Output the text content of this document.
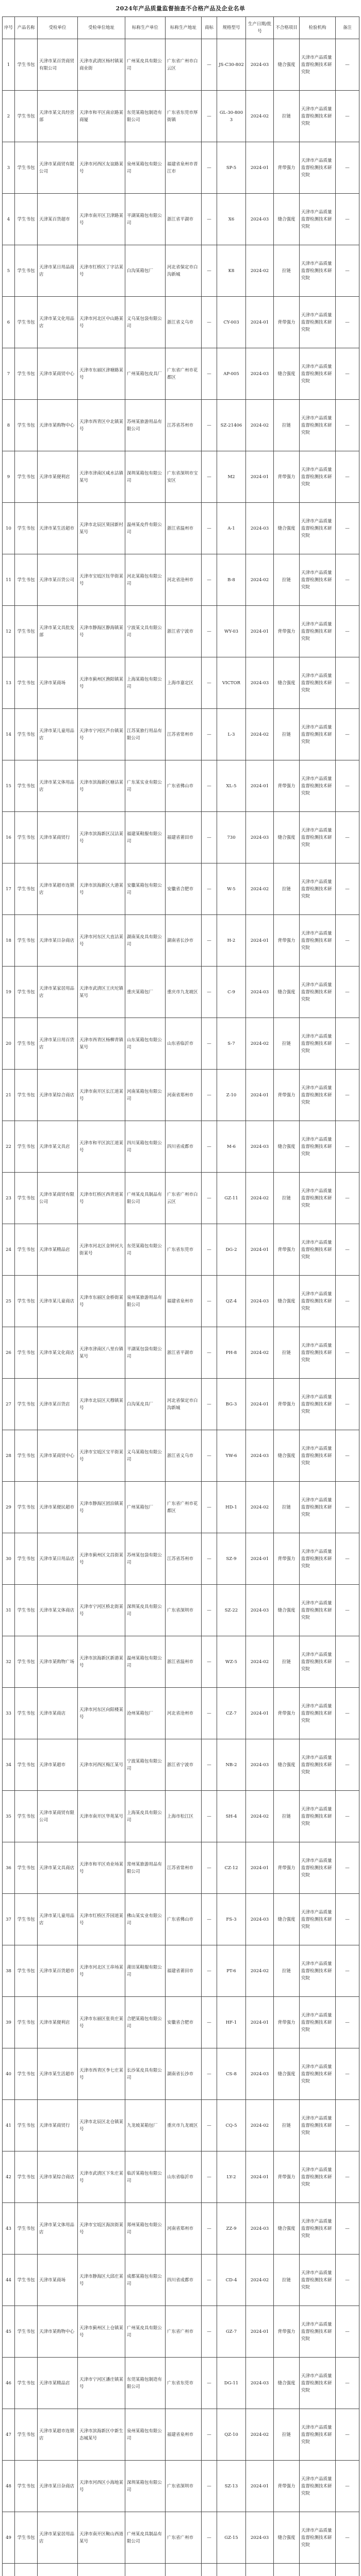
2024年产品质量监督抽查不合格产品及企业名单
序号	产品名称	受检单位	受检单位地址	标称生产单位	标称生产地址	商标	规格型号	生产日期/批号	不合格项目	检验机构	备注
1	学生书包	天津市某百货商贸有限公司	天津市武清区杨村镇某商业街	广州某皮具有限公司	广东省广州市白云区	—	JS-C30-802	2024-03	缝合强度	天津市产品质量监督检测技术研究院	—
2	学生书包	天津市某文具经营部	天津市和平区南京路某商厦	东莞某箱包制造有限公司	广东省东莞市厚街镇	—	GL-30-8003	2024-02	拉链	天津市产品质量监督检测技术研究院	—
3	学生书包	天津市某商贸有限公司	天津市河西区友谊路某号	泉州某箱包有限公司	福建省泉州市晋江市	—	SP-5	2024-01	背带强力	天津市产品质量监督检测技术研究院	—
4	学生书包	天津某百货超市	天津市南开区卫津路某号	平湖某箱包有限公司	浙江省平湖市	—	X6	2024-03	缝合强度	天津市产品质量监督检测技术研究院	—
5	学生书包	天津市某日用品商店	天津市红桥区丁字沽某号	白沟某箱包厂	河北省保定市白沟新城	—	K8	2024-02	拉链	天津市产品质量监督检测技术研究院	—
6	学生书包	天津市某文化用品店	天津市河北区中山路某号	义乌某包袋有限公司	浙江省义乌市	—	CY-003	2024-01	背带强力	天津市产品质量监督检测技术研究院	—
7	学生书包	天津市某商贸中心	天津市东丽区津塘路某号	广州某箱包皮具厂	广东省广州市花都区	—	AP-005	2024-03	缝合强度	天津市产品质量监督检测技术研究院	—
8	学生书包	天津市某购物中心	天津市西青区中北镇某号	苏州某旅游用品有限公司	江苏省苏州市	—	SZ-21406	2024-02	拉链	天津市产品质量监督检测技术研究院	—
9	学生书包	天津市某便利店	天津市津南区咸水沽镇某号	深圳某箱包有限公司	广东省深圳市宝安区	—	M2	2024-01	背带强力	天津市产品质量监督检测技术研究院	—
10	学生书包	天津市某生活超市	天津市北辰区果园新村某号	温州某皮件有限公司	浙江省温州市	—	A-1	2024-03	缝合强度	天津市产品质量监督检测技术研究院	—
11	学生书包	天津市某百货公司	天津市宝坻区钰华街某号	河北某箱包有限公司	河北省沧州市	—	B-8	2024-02	拉链	天津市产品质量监督检测技术研究院	—
12	学生书包	天津市某文具批发部	天津市静海区静海镇某号	宁波某文具有限公司	浙江省宁波市	—	WY-03	2024-01	背带强力	天津市产品质量监督检测技术研究院	—
13	学生书包	天津市某商场	天津市蓟州区渔阳镇某号	上海某箱包有限公司	上海市嘉定区	—	VICTOR	2024-03	缝合强度	天津市产品质量监督检测技术研究院	—
14	学生书包	天津市某儿童用品店	天津市宁河区芦台镇某号	江苏某旅行用品有限公司	江苏省常州市	—	L-3	2024-02	拉链	天津市产品质量监督检测技术研究院	—
15	学生书包	天津市某文体用品店	天津市滨海新区塘沽某号	广东某实业有限公司	广东省佛山市	—	XL-5	2024-01	背带强力	天津市产品质量监督检测技术研究院	—
16	学生书包	天津市某商贸行	天津市滨海新区汉沽某号	福建某鞋服有限公司	福建省莆田市	—	730	2024-03	缝合强度	天津市产品质量监督检测技术研究院	—
17	学生书包	天津市某超市连锁店	天津市滨海新区大港某号	安徽某箱包有限公司	安徽省合肥市	—	W-5	2024-02	拉链	天津市产品质量监督检测技术研究院	—
18	学生书包	天津市某日杂商店	天津市河东区大直沽某号	湖南某皮具有限公司	湖南省长沙市	—	H-2	2024-01	背带强力	天津市产品质量监督检测技术研究院	—
19	学生书包	天津市某家居用品店	天津市武清区王庆坨镇某号	重庆某箱包厂	重庆市九龙坡区	—	C-9	2024-03	缝合强度	天津市产品质量监督检测技术研究院	—
20	学生书包	天津市某日用百货店	天津市西青区杨柳青镇某号	山东某箱包有限公司	山东省临沂市	—	S-7	2024-02	拉链	天津市产品质量监督检测技术研究院	—
21	学生书包	天津市某综合商店	天津市南开区长江道某号	河南某箱包有限公司	河南省郑州市	—	Z-10	2024-01	背带强力	天津市产品质量监督检测技术研究院	—
22	学生书包	天津市某文具店	天津市和平区滨江道某号	四川某箱包有限公司	四川省成都市	—	M-6	2024-03	缝合强度	天津市产品质量监督检测技术研究院	—
23	学生书包	天津市某商贸有限公司	天津市红桥区西青道某号	广州某皮具制品有限公司	广东省广州市白云区	—	GZ-11	2024-02	拉链	天津市产品质量监督检测技术研究院	—
24	学生书包	天津市某精品店	天津市河北区金钟河大街某号	东莞某箱包有限公司	广东省东莞市	—	DG-2	2024-01	背带强力	天津市产品质量监督检测技术研究院	—
25	学生书包	天津市某儿童商店	天津市东丽区金桥街某号	泉州某旅游用品有限公司	福建省泉州市	—	QZ-4	2024-03	缝合强度	天津市产品质量监督检测技术研究院	—
26	学生书包	天津市某文化商店	天津市津南区八里台镇某号	平湖某包袋有限公司	浙江省平湖市	—	PH-8	2024-02	拉链	天津市产品质量监督检测技术研究院	—
27	学生书包	天津市某百货店	天津市北辰区天穆镇某号	白沟某皮具厂	河北省保定市白沟新城	—	BG-3	2024-01	背带强力	天津市产品质量监督检测技术研究院	—
28	学生书包	天津市某商贸中心	天津市宝坻区宝平街某号	义乌某箱包有限公司	浙江省义乌市	—	YW-6	2024-03	缝合强度	天津市产品质量监督检测技术研究院	—
29	学生书包	天津市某便民超市	天津市静海区团泊镇某号	广州某箱包厂	广东省广州市花都区	—	HD-1	2024-02	拉链	天津市产品质量监督检测技术研究院	—
30	学生书包	天津市某日用品店	天津市蓟州区文昌街某号	苏州某包袋有限公司	江苏省苏州市	—	SZ-9	2024-01	背带强力	天津市产品质量监督检测技术研究院	—
31	学生书包	天津市某文体商店	天津市宁河区桥北街某号	深圳某皮具有限公司	广东省深圳市	—	SZ-22	2024-03	缝合强度	天津市产品质量监督检测技术研究院	—
32	学生书包	天津市某购物广场	天津市滨海新区新港某号	温州某箱包有限公司	浙江省温州市	—	WZ-5	2024-02	拉链	天津市产品质量监督检测技术研究院	—
33	学生书包	天津市某商店	天津市河东区向阳楼某号	沧州某箱包厂	河北省沧州市	—	CZ-7	2024-01	背带强力	天津市产品质量监督检测技术研究院	—
34	学生书包	天津市某超市	天津市河西区梅江某号	宁波某箱包有限公司	浙江省宁波市	—	NB-2	2024-03	缝合强度	天津市产品质量监督检测技术研究院	—
35	学生书包	天津市某商贸有限公司	天津市南开区华苑某号	上海某皮具有限公司	上海市松江区	—	SH-4	2024-02	拉链	天津市产品质量监督检测技术研究院	—
36	学生书包	天津市某文具商店	天津市和平区劝业场某号	常州某旅游用品有限公司	江苏省常州市	—	CZ-12	2024-01	背带强力	天津市产品质量监督检测技术研究院	—
37	学生书包	天津市某儿童用品店	天津市红桥区芥园道某号	佛山某实业有限公司	广东省佛山市	—	FS-3	2024-03	缝合强度	天津市产品质量监督检测技术研究院	—
38	学生书包	天津市某百货超市	天津市河北区王串场某号	莆田某鞋服有限公司	福建省莆田市	—	PT-6	2024-02	拉链	天津市产品质量监督检测技术研究院	—
39	学生书包	天津市某便利店	天津市东丽区张贵庄某号	合肥某箱包有限公司	安徽省合肥市	—	HF-1	2024-01	背带强力	天津市产品质量监督检测技术研究院	—
40	学生书包	天津市某生活超市	天津市西青区李七庄某号	长沙某皮具有限公司	湖南省长沙市	—	CS-8	2024-03	缝合强度	天津市产品质量监督检测技术研究院	—
41	学生书包	天津市某商贸行	天津市北辰区北仓镇某号	九龙坡某箱包厂	重庆市九龙坡区	—	CQ-5	2024-02	拉链	天津市产品质量监督检测技术研究院	—
42	学生书包	天津市某综合商店	天津市武清区下朱庄某号	临沂某箱包有限公司	山东省临沂市	—	LY-2	2024-01	背带强力	天津市产品质量监督检测技术研究院	—
43	学生书包	天津市某文体用品店	天津市宝坻区海滨街某号	郑州某箱包有限公司	河南省郑州市	—	ZZ-9	2024-03	缝合强度	天津市产品质量监督检测技术研究院	—
44	学生书包	天津市某商场	天津市静海区大邱庄某号	成都某箱包有限公司	四川省成都市	—	CD-4	2024-02	拉链	天津市产品质量监督检测技术研究院	—
45	学生书包	天津市某购物中心	天津市蓟州区上仓镇某号	广州某皮具有限公司	广东省广州市	—	GZ-7	2024-01	背带强力	天津市产品质量监督检测技术研究院	—
46	学生书包	天津市某精品店	天津市宁河区潘庄镇某号	东莞某箱包制造有限公司	广东省东莞市	—	DG-11	2024-03	缝合强度	天津市产品质量监督检测技术研究院	—
47	学生书包	天津市某超市连锁店	天津市滨海新区中新生态城某号	泉州某箱包有限公司	福建省泉州市	—	QZ-10	2024-02	拉链	天津市产品质量监督检测技术研究院	—
48	学生书包	天津市某日杂商店	天津市河西区小海地某号	深圳某箱包有限公司	广东省深圳市	—	SZ-13	2024-01	背带强力	天津市产品质量监督检测技术研究院	—
49	学生书包	天津市某家居用品店	天津市南开区鞍山西道某号	广州某皮具制品有限公司	广东省广州市	—	GZ-15	2024-03	缝合强度	天津市产品质量监督检测技术研究院	—
